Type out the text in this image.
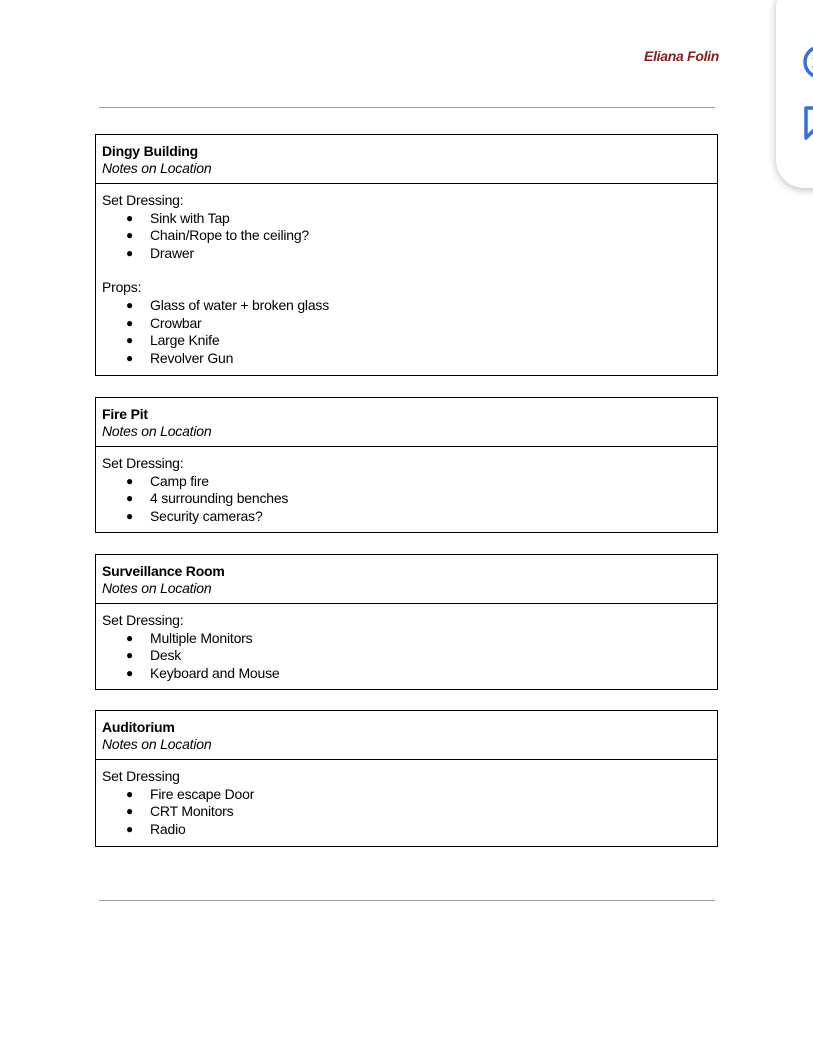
Eliana Folin
Dingy Building
Notes on Location
Set Dressing:
● Sink with Tap
● Chain/Rope to the ceiling?
● Drawer
Props:
● Glass of water + broken glass
● Crowbar
● Large Knife
● Revolver Gun
Fire Pit
Notes on Location
Set Dressing:
● Camp fire
● 4 surrounding benches
● Security cameras?
Surveillance Room
Notes on Location
Set Dressing:
● Multiple Monitors
● Desk
● Keyboard and Mouse
Auditorium
Notes on Location
Set Dressing
● Fire escape Door
● CRT Monitors
● Radio
